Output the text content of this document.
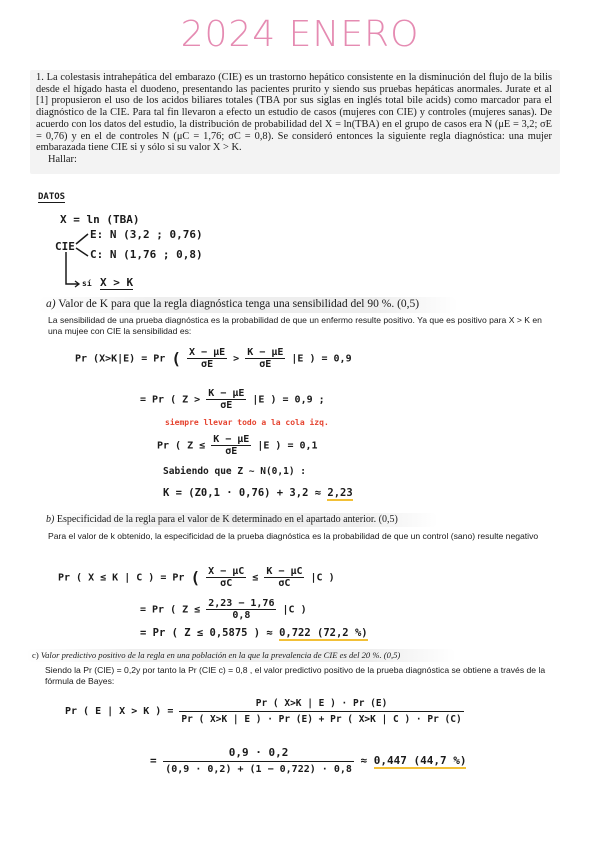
2024 ENERO
1. La colestasis intrahepática del embarazo (CIE) es un trastorno hepático consistente en la disminución del flujo de la bilis desde el hígado hasta el duodeno, presentando las pacientes prurito y siendo sus pruebas hepáticas anormales. Jurate et al [1] propusieron el uso de los acidos biliares totales (TBA por sus siglas en inglés total bile acids) como marcador para el diagnóstico de la CIE. Para tal fin llevaron a efecto un estudio de casos (mujeres con CIE) y controles (mujeres sanas). De acuerdo con los datos del estudio, la distribución de probabilidad del X = ln(TBA) en el grupo de casos era N (μE = 3,2; σE = 0,76) y en el de controles N (μC = 1,76; σC = 0,8). Se consideró entonces la siguiente regla diagnóstica: una mujer embarazada tiene CIE si y sólo si su valor X > K.
Hallar:
DATOS
X = ln (TBA)
CIE
E: N (3,2 ; 0,76)
C: N (1,76 ; 0,8)
sí X > K
a) Valor de K para que la regla diagnóstica tenga una sensibilidad del 90 %. (0,5)
La sensibilidad de una prueba diagnóstica es la probabilidad de que un enfermo resulte positivo. Ya que es positivo para X > K en una mujee con CIE la sensibilidad es:
Pr (X>K|E) = Pr ( $\frac{X - \mu E}{\sigma E} > \frac{K - \mu E}{\sigma E} |E$ ) = 0,9
= Pr ( $Z > \frac{K - \mu E}{\sigma E} |E$ ) = 0,9 ;
siempre llevar todo a la cola izq.
Pr ( $Z \le \frac{K - \mu E}{\sigma E} |E$ ) = 0,1
Sabiendo que Z ∼ N(0,1) :
K = (Z0,1 · 0,76) + 3,2 ≈ 2,23
b) Especificidad de la regla para el valor de K determinado en el apartado anterior. (0,5)
Para el valor de k obtenido, la especificidad de la prueba diagnóstica es la probabilidad de que un control (sano) resulte negativo
Pr ( X ≤ K | C ) = Pr ( $\frac{X - \mu C}{\sigma C} \le \frac{K - \mu C}{\sigma C} |C$ )
= Pr ( $Z \le \frac{2,23 - 1,76}{0,8} |C$ )
= Pr ( Z ≤ 0,5875 ) ≈ 0,722 (72,2 %)
c) Valor predictivo positivo de la regla en una población en la que la prevalencia de CIE es del 20 %. (0,5)
Siendo la Pr (CIE) = 0,2y por tanto la Pr (CIE c) = 0,8 , el valor predictivo positivo de la prueba diagnóstica se obtiene a través de la fórmula de Bayes:
Pr ( E | X > K ) = $\frac{Pr ( X>K | E ) \cdot Pr (E)}{Pr ( X>K | E ) \cdot Pr (E) + Pr ( X>K | C ) \cdot Pr (C)}$
= $\frac{0,9 \cdot 0,2}{(0,9 \cdot 0,2) + (1 - 0,722) \cdot 0,8} \approx 0,447$ (44,7 %)
